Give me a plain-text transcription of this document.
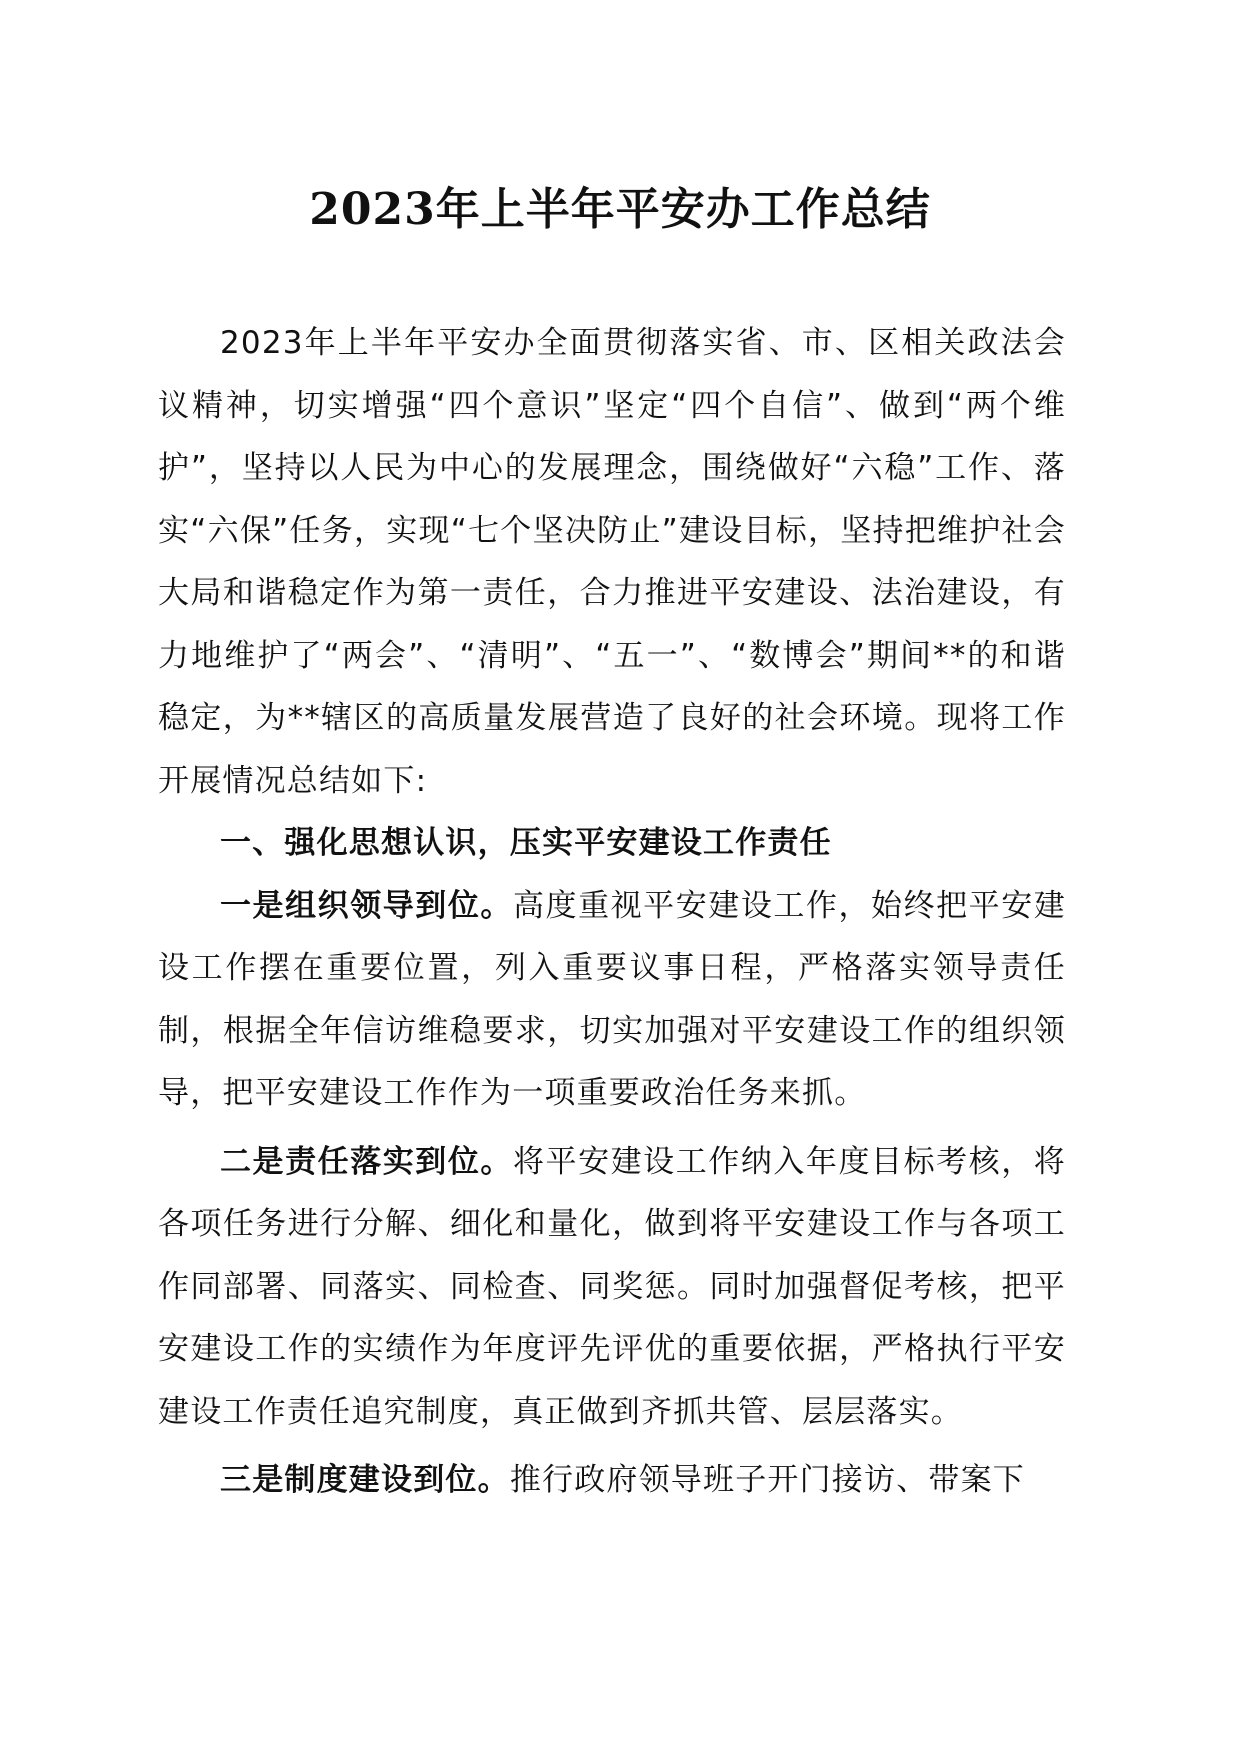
2023年上半年平安办工作总结

2023年上半年平安办全面贯彻落实省、市、区相关政法会议精神，切实增强“四个意识”坚定“四个自信”、做到“两个维护”，坚持以人民为中心的发展理念，围绕做好“六稳”工作、落实“六保”任务，实现“七个坚决防止”建设目标，坚持把维护社会大局和谐稳定作为第一责任，合力推进平安建设、法治建设，有力地维护了“两会”、“清明”、“五一”、“数博会”期间**的和谐稳定，为**辖区的高质量发展营造了良好的社会环境。现将工作开展情况总结如下:

一、强化思想认识，压实平安建设工作责任

一是组织领导到位。高度重视平安建设工作，始终把平安建设工作摆在重要位置，列入重要议事日程，严格落实领导责任制，根据全年信访维稳要求，切实加强对平安建设工作的组织领导，把平安建设工作作为一项重要政治任务来抓。

二是责任落实到位。将平安建设工作纳入年度目标考核，将各项任务进行分解、细化和量化，做到将平安建设工作与各项工作同部署、同落实、同检查、同奖惩。同时加强督促考核，把平安建设工作的实绩作为年度评先评优的重要依据，严格执行平安建设工作责任追究制度，真正做到齐抓共管、层层落实。

三是制度建设到位。推行政府领导班子开门接访、带案下
